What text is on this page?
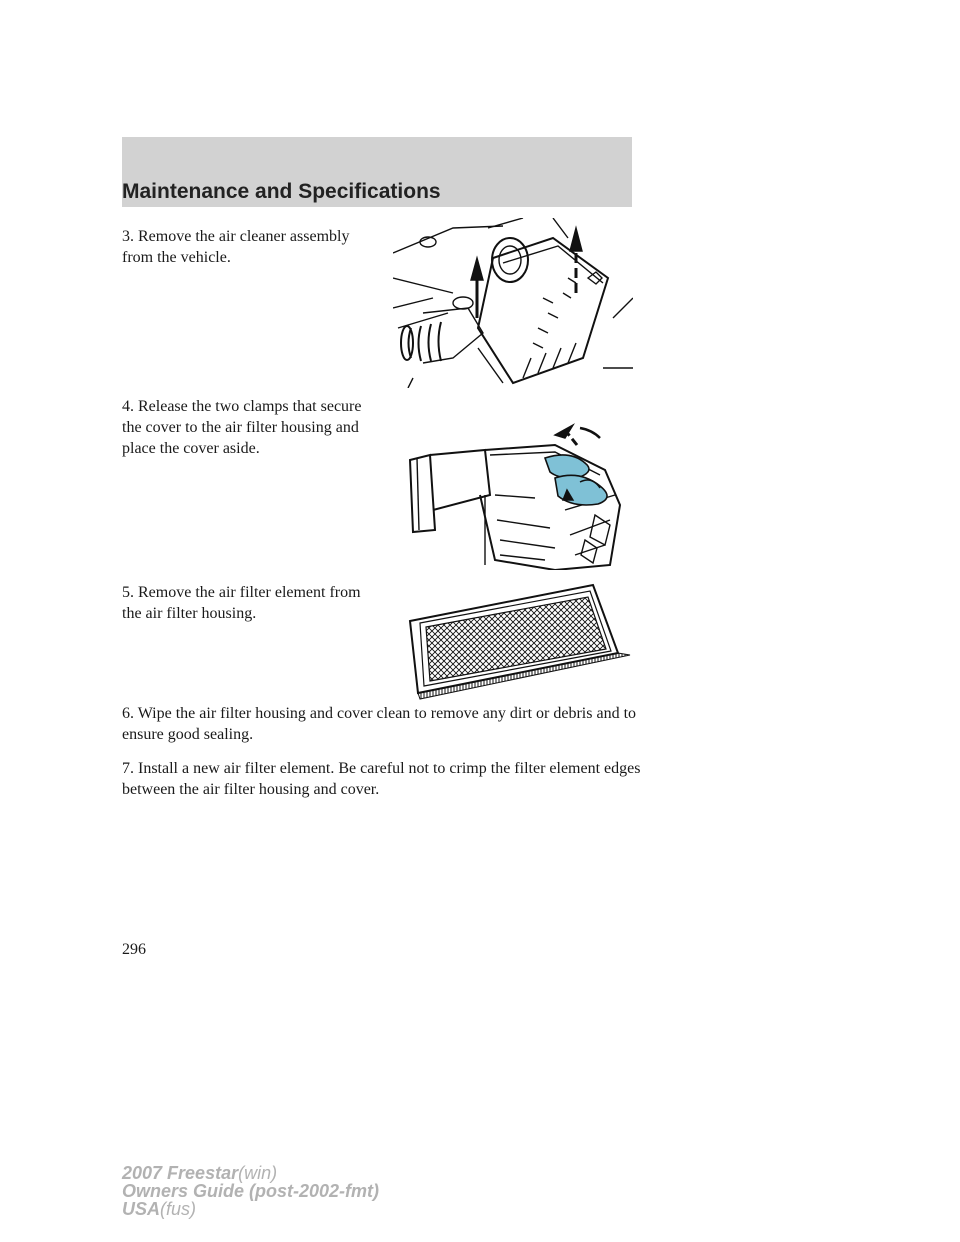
Maintenance and Specifications
3. Remove the air cleaner assembly from the vehicle.
4. Release the two clamps that secure the cover to the air filter housing and place the cover aside.
5. Remove the air filter element from the air filter housing.
6. Wipe the air filter housing and cover clean to remove any dirt or debris and to ensure good sealing.
7. Install a new air filter element. Be careful not to crimp the filter element edges between the air filter housing and cover.
296
2007 Freestar(win)
Owners Guide (post-2002-fmt)
USA(fus)
